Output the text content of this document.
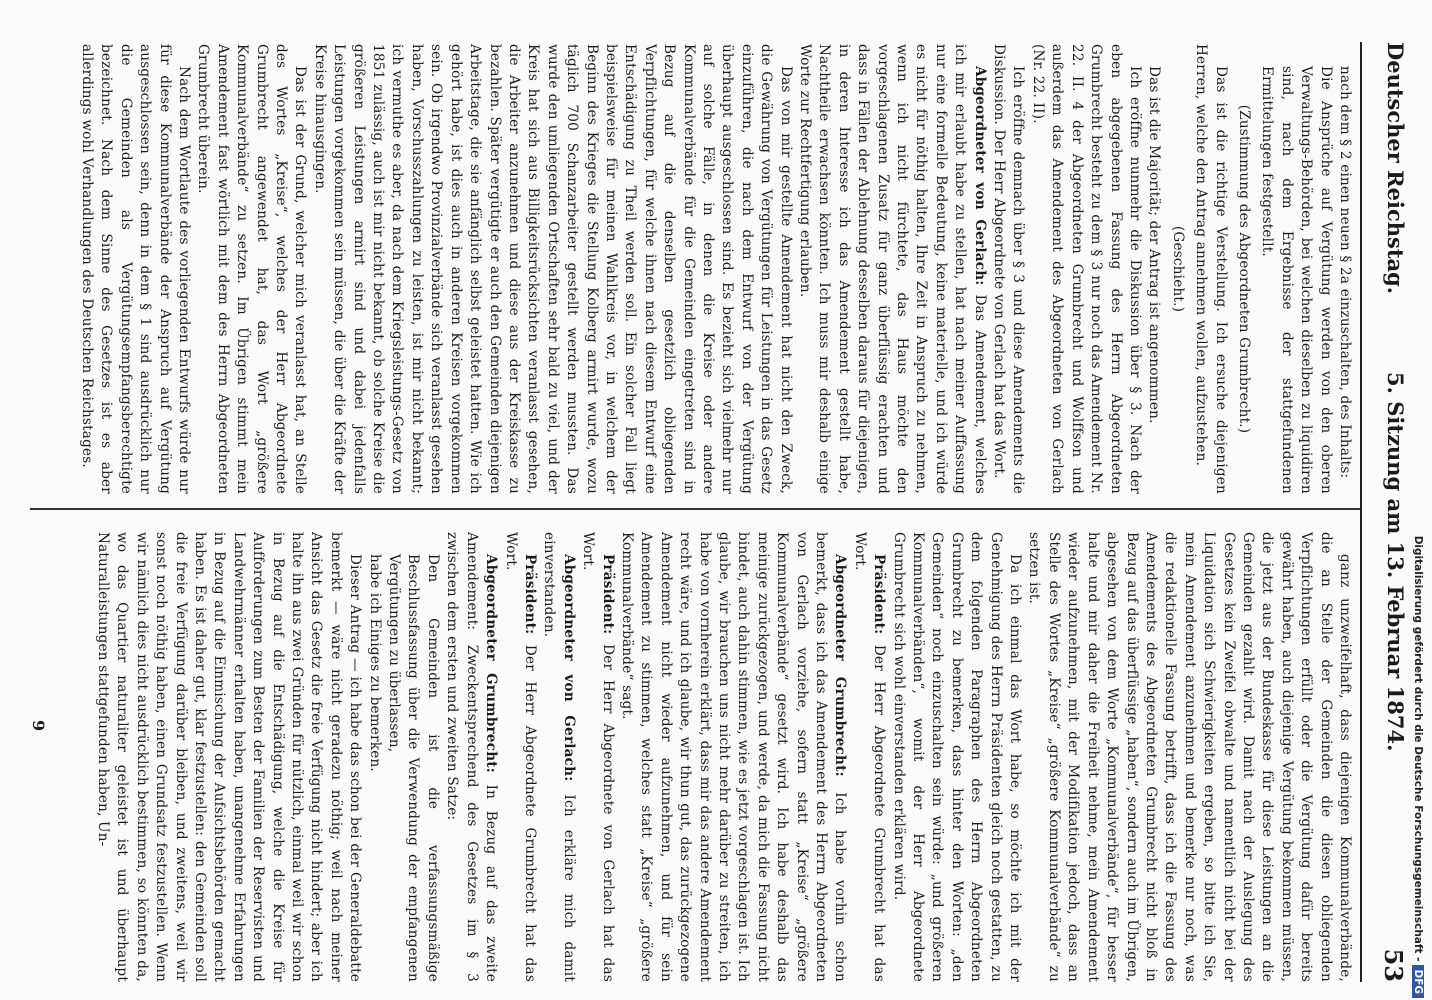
Deutscher Reichstag.
5. Sitzung am 13. Februar 1874.
53

nach dem § 2 einen neuen § 2a einzuschalten, des Inhalts:

Die Ansprüche auf Vergütung werden von den oberen Verwaltungs-Behörden, bei welchen dieselben zu liquidiren sind, nach dem Ergebnisse der stattgefundenen Ermittelungen festgestellt.

(Zustimmung des Abgeordneten Grumbrecht.)

Das ist die richtige Verstellung. Ich ersuche diejenigen Herren, welche den Antrag annehmen wollen, aufzustehen.

(Geschieht.)

Das ist die Majorität; der Antrag ist angenommen.

Ich eröffne nunmehr die Diskussion über § 3. Nach der eben abgegebenen Fassung des Herrn Abgeordneten Grumbrecht besteht zu dem § 3 nur noch das Amendement Nr. 22. II. 4 der Abgeordneten Grumbrecht und Wolffson und außerdem das Amendement des Abgeordneten von Gerlach (Nr. 22. II).

Ich eröffne demnach über § 3 und diese Amendements die Diskussion. Der Herr Abgeordnete von Gerlach hat das Wort.

Abgeordneter von Gerlach: Das Amendement, welches ich mir erlaubt habe zu stellen, hat nach meiner Auffassung nur eine formelle Bedeutung, keine materielle, und ich würde es nicht für nöthig halten, Ihre Zeit in Anspruch zu nehmen, wenn ich nicht fürchtete, das Haus möchte den vorgeschlagenen Zusatz für ganz überflüssig erachten und dass in Fällen der Ablehnung desselben daraus für diejenigen, in deren Interesse ich das Amendement gestellt habe, Nachtheile erwachsen könnten. Ich muss mir deshalb einige Worte zur Rechtfertigung erlauben.

Das von mir gestellte Amendement hat nicht den Zweck, die Gewährung von Vergütungen für Leistungen in das Gesetz einzuführen, die nach dem Entwurf von der Vergütung überhaupt ausgeschlossen sind. Es bezieht sich vielmehr nur auf solche Fälle, in denen die Kreise oder andere Kommunalverbände für die Gemeinden eingetreten sind in Bezug auf die denselben gesetzlich obliegenden Verpflichtungen, für welche ihnen nach diesem Entwurf eine Entschädigung zu Theil werden soll. Ein solcher Fall liegt beispielsweise für meinen Wahlkreis vor, in welchem der Beginn des Krieges die Stellung Kolberg armirt wurde, wozu täglich 700 Schanzarbeiter gestellt werden mussten. Das wurde den umliegenden Ortschaften sehr bald zu viel, und der Kreis hat sich aus Billigkeitsrücksichten veranlasst gesehen, die Arbeiter anzunehmen und diese aus der Kreiskasse zu bezahlen. Später vergütigte er auch den Gemeinden diejenigen Arbeitstage, die sie anfänglich selbst geleistet hatten. Wie ich gehört habe, ist dies auch in anderen Kreisen vorgekommen sein. Ob irgendwo Provinzialverbände sich veranlasst gesehen haben, Vorschusszahlungen zu leisten, ist mir nicht bekannt; ich vermuthe es aber, da nach dem Kriegsleistungs-Gesetz von 1851 zulässig, auch ist mir nicht bekannt, ob solche Kreise die größeren Leistungen armirt sind und dabei jedenfalls Leistungen vorgekommen sein müssen, die über die Kräfte der Kreise hinausgingen.

Das ist der Grund, welcher mich veranlasst hat, an Stelle des Wortes „Kreise“, welches der Herr Abgeordnete Grumbrecht angewendet hat, das Wort „größere Kommunalverbände“ zu setzen. Im Übrigen stimmt mein Amendement fast wörtlich mit dem des Herrn Abgeordneten Grumbrecht überein.

Nach dem Wortlaute des vorliegenden Entwurfs würde nur für diese Kommunalverbände der Anspruch auf Vergütung ausgeschlossen sein, denn in dem § 1 sind ausdrücklich nur die Gemeinden als Vergütungsempfangsberechtigte bezeichnet. Nach dem Sinne des Gesetzes ist es aber allerdings wohl Verhandlungen des Deutschen Reichstages.

ganz unzweifelhaft, dass diejenigen Kommunalverbände, die an Stelle der Gemeinden die diesen obliegenden Verpflichtungen erfüllt oder die Vergütung dafür bereits gewährt haben, auch diejenige Vergütung bekommen müssen, die jetzt aus der Bundeskasse für diese Leistungen an die Gemeinden gezahlt wird. Damit nach der Auslegung des Gesetzes kein Zweifel obwalte und namentlich nicht bei der Liquidation sich Schwierigkeiten ergeben, so bitte ich Sie, mein Amendement anzunehmen und bemerke nur noch, was die redaktionelle Fassung betrifft, dass ich die Fassung des Amendements des Abgeordneten Grumbrecht nicht bloß in Bezug auf das überflüssige „haben“, sondern auch im Übrigen, abgesehen von dem Worte „Kommunalverbände“, für besser halte und mir daher die Freiheit nehme, mein Amendement wieder aufzunehmen, mit der Modifikation jedoch, dass an Stelle des Wortes „Kreise“ „größere Kommunalverbände“ zu setzen ist.

Da ich einmal das Wort habe, so möchte ich mit der Genehmigung des Herrn Präsidenten gleich noch gestatten, zu dem folgenden Paragraphen des Herrn Abgeordneten Grumbrecht zu bemerken, dass hinter den Worten: „den Gemeinden“ noch einzuschalten sein würde: „und größeren Kommunalverbänden“, womit der Herr Abgeordnete Grumbrecht sich wohl einverstanden erklären wird.

Präsident: Der Herr Abgeordnete Grumbrecht hat das Wort.

Abgeordneter Grumbrecht: Ich habe vorhin schon bemerkt, dass ich das Amendement des Herrn Abgeordneten von Gerlach vorziehe, sofern statt „Kreise“ „größere Kommunalverbände“ gesetzt wird. Ich habe deshalb das meinige zurückgezogen, und werde, da mich die Fassung nicht bindet, auch dahin stimmen, wie es jetzt vorgeschlagen ist. Ich glaube, wir brauchen uns nicht mehr darüber zu streiten, ich habe von vornherein erklärt, dass mir das andere Amendement recht wäre, und ich glaube, wir thun gut, das zurückgezogene Amendement nicht wieder aufzunehmen, und für sein Amendement zu stimmen, welches statt „Kreise“ „größere Kommunalverbände“ sagt.

Präsident: Der Herr Abgeordnete von Gerlach hat das Wort.

Abgeordneter von Gerlach: Ich erkläre mich damit einverstanden.

Präsident: Der Herr Abgeordnete Grumbrecht hat das Wort.

Abgeordneter Grumbrecht: In Bezug auf das zweite Amendement: Zweckentsprechend des Gesetzes im § 3 zwischen dem ersten und zweiten Satze:

Den Gemeinden ist die verfassungsmäßige Beschlussfassung über die Verwendung der empfangenen Vergütungen zu überlassen,

habe ich Einiges zu bemerken.

Dieser Antrag — ich habe das schon bei der Generaldebatte bemerkt — wäre nicht geradezu nöthig; weil nach meiner Ansicht das Gesetz die freie Verfügung nicht hindert; aber ich halte ihn aus zwei Gründen für nützlich, einmal weil wir schon in Bezug auf die Entschädigung, welche die Kreise für Aufforderungen zum Besten der Familien der Reservisten und Landwehrmänner erhalten haben, unangenehme Erfahrungen in Bezug auf die Einmischung der Aufsichtsbehörden gemacht haben. Es ist daher gut, klar festzustellen: den Gemeinden soll die freie Verfügung darüber bleiben, und zweitens, weil wir sonst noch nöthig haben, einen Grundsatz festzustellen. Wenn wir nämlich dies nicht ausdrücklich bestimmen, so könnten da, wo das Quartier naturaliter geleistet ist und überhaupt Naturalleistungen stattgefunden haben, Un-

9	Digitalisierung gefördert durch die Deutsche Forschungsgemeinschaft -DFG
